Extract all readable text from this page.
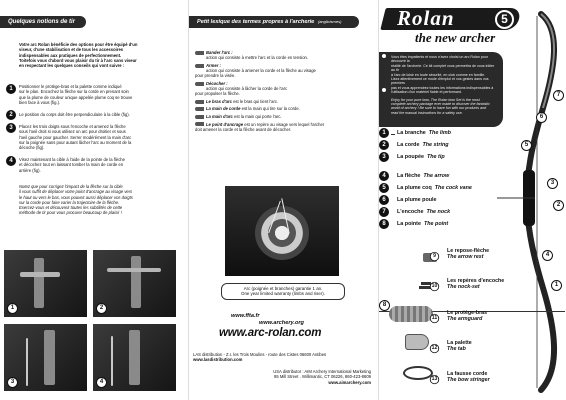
Quelques notions de tir
Votre arc Rolan bénéficie des options pour être équipé d'un
viseur, d'une stabilisation et de tous les accessoires
indispensables aux pratiques de perfectionnement.
Toitefois vous d'abord vous plaisir du tir à l'arc sans viseur
en respectant les quelques conseils qui vont suivre :
1	Positionner le protège-bras et la palette comme indiqué
sur le plan. Encochez la flèche sur la corde en prenant soin
que la plume de couleur unique appelée plume coq se trouve
bien face à vous (fig.).
2	Le position du corps doit être perpendiculaire à la cible (fig).
3	Placez les trois doigts sous l'encoche et amenez la flèche
sous l'oeil droit si vous utilisez un arc pour droitier et sous
l'oeil gauche pour gaucher. Serrer modérément la main d'arc
sur la poignée sans pour autant lâcher l'arc au moment de la
décoche (fig).
4	Visez maintenant la cible à l'aide de la pointe de la flèche
et décochez tout en laissant tomber la main de corde en
arrière (fig).
Notez que pour corrigez l'impact de la flèche sur la cible
il vous suffit de déplacer votre point d'ancrage au visage vers
le haut ou vers le bas, vous pouvez aussi déplacer vos doigts
sur la corde pour faire varier la trajectoire de la flèche.
Exercez-vous et découvrez toutes les subtilités de cette
méthode de tir pour vous procurer beaucoup de plaisir !
1	2
3	4
Petit lexique des termes propres à l'archerie (anglicismes)
Bander l'arc :
action qui consiste à mettre l'arc et la corde en tension.
Armer :
action qui consiste à amener la corde et la flèche au visage
pour prendre la visée.
Décocher :
action qui consiste à lâcher la corde de l'arc
pour propulser la flèche.
Le bras d'arc est le bras qui tient l'arc.
La main de corde est la main qui tire sur la corde.
La main d'arc est la main qui porte l'arc.
Le point d'ancrage est un repère au visage vers lequel l'archer
doit amener la corde et la flèche avant de décocher.
Arc (poignée et branches) garantie 1 an.
One year limited warranty (limbs and riser).
www.ffta.fr
www.archery.org
www.arc-rolan.com
LAS distribution - Z.I. les Trois Moulins - route des Cistes 06600 Antibes
www.lasdistribution.com
USA distributor : AIM Archery International Marketing
95 Mill Street . Willimantic, CT 06226, 860-423-8609
www.aimarchery.com
Rolan	5
the new archer
Vous êtes impatients et nous n'avez choisi un arc Rolan pour découvrir la
réalité de l'archerie. Ce kit complet vous permettra de vous initier au tir
à l'arc de loisir en toute sécurité, en club comme en famille.
Lisez attentivement ce mode d'emploi et vos gestes dans vos premiers
pas et vous apprendrez toutes les informations indispensables à
l'utilisation d'un matériel fiable et performant.
Enjoy for your pure bow, The Rolan bow Set is the most
complete archery package ever made to discover the fantastic
world of archery ! Be sure to have fun with our products and
read the manual instructions for a safety use.
1	La branche The limb
2	La corde The string
3	La poupée The tip
4	La flèche The arrow
5	La plume coq The cock vane
6	La plume poule
7	L'encoche The nock
8	La pointe The point
7
6
5
3
2
1
4
8
9
Le repose-flèche
The arrow rest
10
Les repères d'encoche
The nock-set
11
Le protège-bras
The armguard
12
La palette
The tab
13
La fausse corde
The bow stringer
